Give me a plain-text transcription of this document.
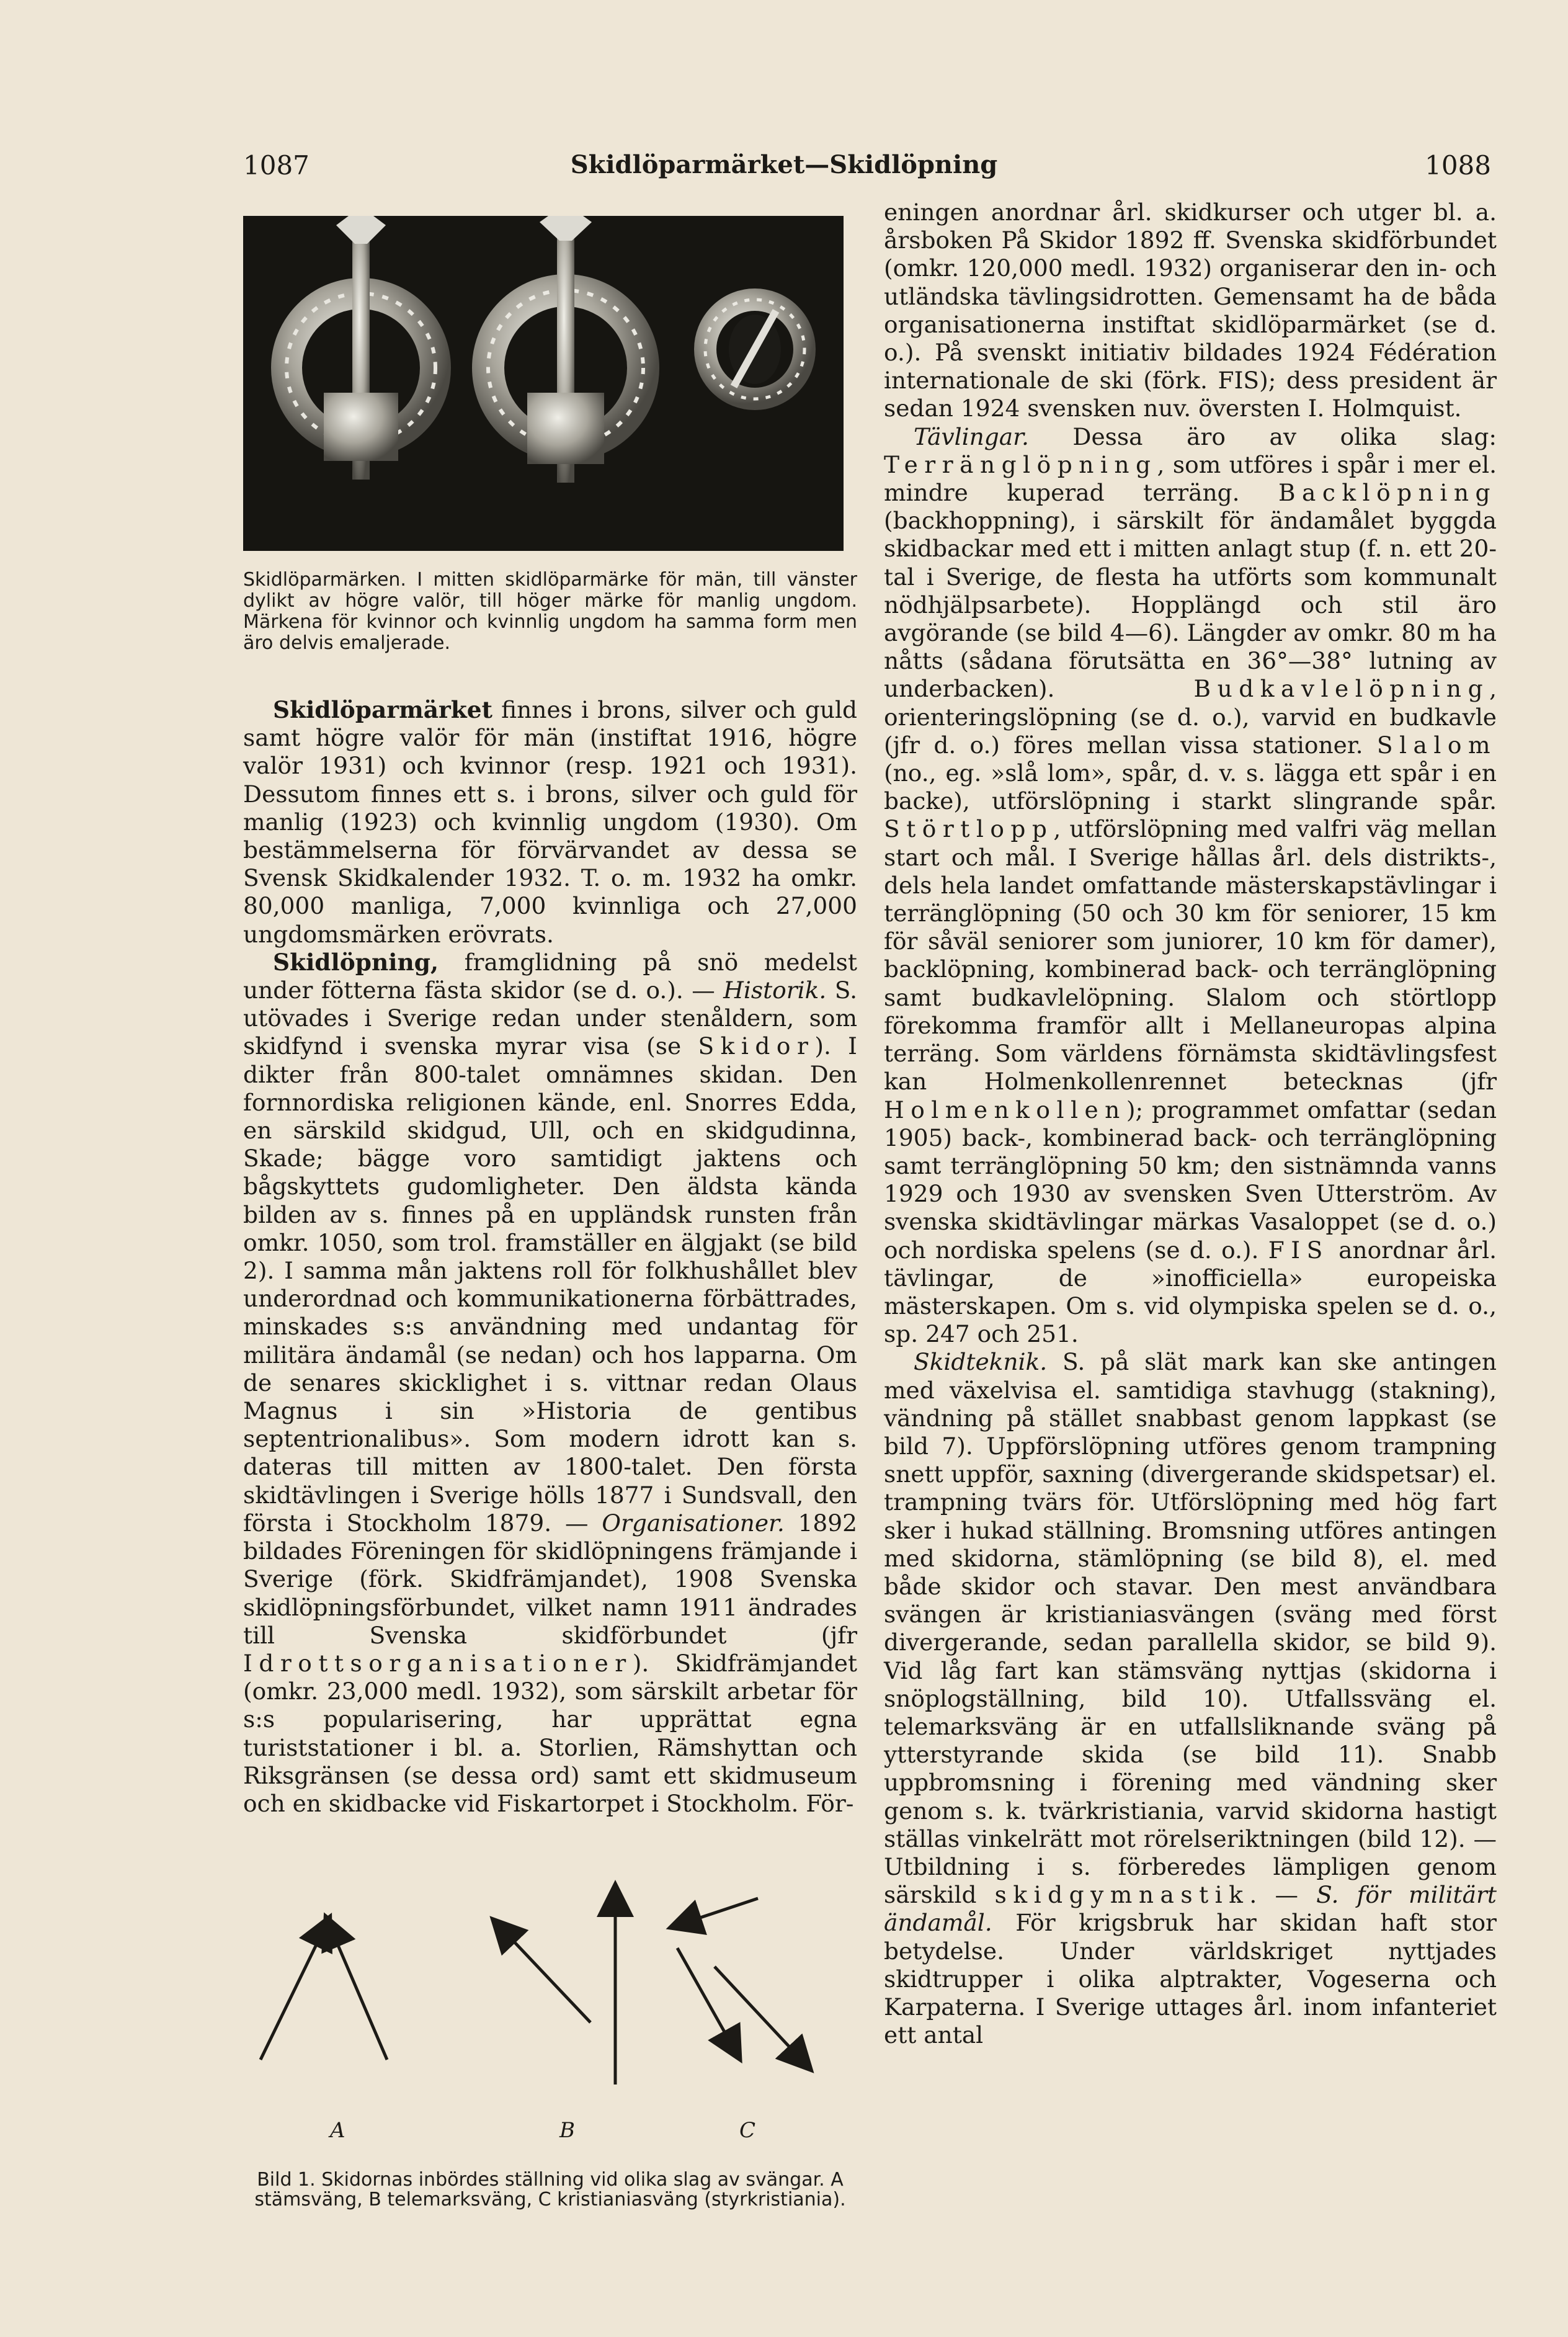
1087	Skidlöparmärket—Skidlöpning	1088
Skidlöparmärken. I mitten skidlöparmärke för män, till vänster dylikt av högre valör, till höger märke för manlig ungdom. Märkena för kvinnor och kvinnlig ungdom ha samma form men äro delvis emaljerade.

Skidlöparmärket finnes i brons, silver och guld samt högre valör för män (instiftat 1916, högre valör 1931) och kvinnor (resp. 1921 och 1931). Dessutom finnes ett s. i brons, silver och guld för manlig (1923) och kvinnlig ungdom (1930). Om bestämmelserna för förvärvandet av dessa se Svensk Skidkalender 1932. T. o. m. 1932 ha omkr. 80,000 manliga, 7,000 kvinnliga och 27,000 ungdomsmärken erövrats.

Skidlöpning, framglidning på snö medelst under fötterna fästa skidor (se d. o.). — Historik. S. utövades i Sverige redan under stenåldern, som skidfynd i svenska myrar visa (se Skidor). I dikter från 800-talet omnämnes skidan. Den fornnordiska religionen kände, enl. Snorres Edda, en särskild skidgud, Ull, och en skidgudinna, Skade; bägge voro samtidigt jaktens och bågskyttets gudomligheter. Den äldsta kända bilden av s. finnes på en uppländsk runsten från omkr. 1050, som trol. framställer en älgjakt (se bild 2). I samma mån jaktens roll för folkhushållet blev underordnad och kommunikationerna förbättrades, minskades s:s användning med undantag för militära ändamål (se nedan) och hos lapparna. Om de senares skicklighet i s. vittnar redan Olaus Magnus i sin »Historia de gentibus septentrionalibus». Som modern idrott kan s. dateras till mitten av 1800-talet. Den första skidtävlingen i Sverige hölls 1877 i Sundsvall, den första i Stockholm 1879. — Organisationer. 1892 bildades Föreningen för skidlöpningens främjande i Sverige (förk. Skidfrämjandet), 1908 Svenska skidlöpningsförbundet, vilket namn 1911 ändrades till Svenska skidförbundet (jfr Idrottsorganisationer). Skidfrämjandet (omkr. 23,000 medl. 1932), som särskilt arbetar för s:s popularisering, har upprättat egna turiststationer i bl. a. Storlien, Rämshyttan och Riksgränsen (se dessa ord) samt ett skidmuseum och en skidbacke vid Fiskartorpet i Stockholm. För-

A	B	C
Bild 1. Skidornas inbördes ställning vid olika slag av svängar. A stämsväng, B telemarksväng, C kristianiasväng (styrkristiania).

eningen anordnar årl. skidkurser och utger bl. a. årsboken På Skidor 1892 ff. Svenska skidförbundet (omkr. 120,000 medl. 1932) organiserar den in- och utländska tävlingsidrotten. Gemensamt ha de båda organisationerna instiftat skidlöparmärket (se d. o.). På svenskt initiativ bildades 1924 Fédération internationale de ski (förk. FIS); dess president är sedan 1924 svensken nuv. översten I. Holmquist.

Tävlingar. Dessa äro av olika slag: Terränglöpning, som utföres i spår i mer el. mindre kuperad terräng. Backlöpning (backhoppning), i särskilt för ändamålet byggda skidbackar med ett i mitten anlagt stup (f. n. ett 20-tal i Sverige, de flesta ha utförts som kommunalt nödhjälpsarbete). Hopplängd och stil äro avgörande (se bild 4—6). Längder av omkr. 80 m ha nåtts (sådana förutsätta en 36°—38° lutning av underbacken). Budkavlelöpning, orienteringslöpning (se d. o.), varvid en budkavle (jfr d. o.) föres mellan vissa stationer. Slalom (no., eg. »slå lom», spår, d. v. s. lägga ett spår i en backe), utförslöpning i starkt slingrande spår. Störtlopp, utförslöpning med valfri väg mellan start och mål. I Sverige hållas årl. dels distrikts-, dels hela landet omfattande mästerskapstävlingar i terränglöpning (50 och 30 km för seniorer, 15 km för såväl seniorer som juniorer, 10 km för damer), backlöpning, kombinerad back- och terränglöpning samt budkavlelöpning. Slalom och störtlopp förekomma framför allt i Mellaneuropas alpina terräng. Som världens förnämsta skidtävlingsfest kan Holmenkollenrennet betecknas (jfr Holmenkollen); programmet omfattar (sedan 1905) back-, kombinerad back- och terränglöpning samt terränglöpning 50 km; den sistnämnda vanns 1929 och 1930 av svensken Sven Utterström. Av svenska skidtävlingar märkas Vasaloppet (se d. o.) och nordiska spelens (se d. o.). FIS anordnar årl. tävlingar, de »inofficiella» europeiska mästerskapen. Om s. vid olympiska spelen se d. o., sp. 247 och 251.

Skidteknik. S. på slät mark kan ske antingen med växelvisa el. samtidiga stavhugg (stakning), vändning på stället snabbast genom lappkast (se bild 7). Uppförslöpning utföres genom trampning snett uppför, saxning (divergerande skidspetsar) el. trampning tvärs för. Utförslöpning med hög fart sker i hukad ställning. Bromsning utföres antingen med skidorna, stämlöpning (se bild 8), el. med både skidor och stavar. Den mest användbara svängen är kristianiasvängen (sväng med först divergerande, sedan parallella skidor, se bild 9). Vid låg fart kan stämsväng nyttjas (skidorna i snöplogställning, bild 10). Utfallssväng el. telemarksväng är en utfallsliknande sväng på ytterstyrande skida (se bild 11). Snabb uppbromsning i förening med vändning sker genom s. k. tvärkristiania, varvid skidorna hastigt ställas vinkelrätt mot rörelseriktningen (bild 12). — Utbildning i s. förberedes lämpligen genom särskild skidgymnastik. — S. för militärt ändamål. För krigsbruk har skidan haft stor betydelse. Under världskriget nyttjades skidtrupper i olika alptrakter, Vogeserna och Karpaterna. I Sverige uttages årl. inom infanteriet ett antal
